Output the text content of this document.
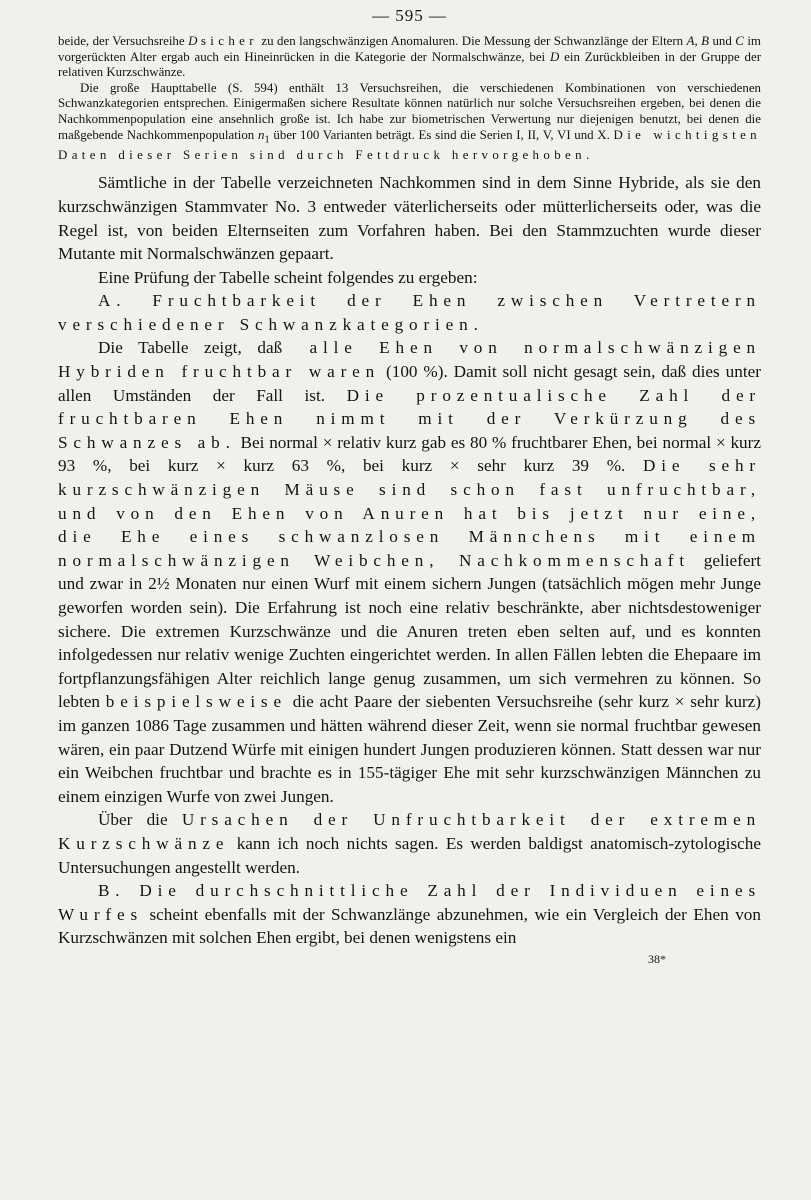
— 595 —

beide, der Versuchsreihe D sicher zu den langschwänzigen Anomaluren. Die Messung der Schwanzlänge der Eltern A, B und C im vorgerückten Alter ergab auch ein Hineinrücken in die Kategorie der Normalschwänze, bei D ein Zurückbleiben in der Gruppe der relativen Kurzschwänze.

Die große Haupttabelle (S. 594) enthält 13 Versuchsreihen, die verschiedenen Kombinationen von verschiedenen Schwanzkategorien entsprechen. Einigermaßen sichere Resultate können natürlich nur solche Versuchsreihen ergeben, bei denen die Nachkommenpopulation eine ansehnlich große ist. Ich habe zur biometrischen Verwertung nur diejenigen benutzt, bei denen die maßgebende Nachkommenpopulation $n_1$ über 100 Varianten beträgt. Es sind die Serien I, II, V, VI und X. Die wichtigsten Daten dieser Serien sind durch Fettdruck hervorgehoben.

Sämtliche in der Tabelle verzeichneten Nachkommen sind in dem Sinne Hybride, als sie den kurzschwänzigen Stammvater No. 3 entweder väterlicherseits oder mütterlicherseits oder, was die Regel ist, von beiden Elternseiten zum Vorfahren haben. Bei den Stammzuchten wurde dieser Mutante mit Normalschwänzen gepaart.

Eine Prüfung der Tabelle scheint folgendes zu ergeben:

A. Fruchtbarkeit der Ehen zwischen Vertretern verschiedener Schwanzkategorien.

Die Tabelle zeigt, daß alle Ehen von normalschwänzigen Hybriden fruchtbar waren (100 %). Damit soll nicht gesagt sein, daß dies unter allen Umständen der Fall ist. Die prozentualische Zahl der fruchtbaren Ehen nimmt mit der Verkürzung des Schwanzes ab. Bei normal × relativ kurz gab es 80 % fruchtbarer Ehen, bei normal × kurz 93 %, bei kurz × kurz 63 %, bei kurz × sehr kurz 39 %. Die sehr kurzschwänzigen Mäuse sind schon fast unfruchtbar, und von den Ehen von Anuren hat bis jetzt nur eine, die Ehe eines schwanzlosen Männchens mit einem normalschwänzigen Weibchen, Nachkommenschaft geliefert und zwar in 2½ Monaten nur einen Wurf mit einem sichern Jungen (tatsächlich mögen mehr Junge geworfen worden sein). Die Erfahrung ist noch eine relativ beschränkte, aber nichtsdestoweniger sichere. Die extremen Kurzschwänze und die Anuren treten eben selten auf, und es konnten infolgedessen nur relativ wenige Zuchten eingerichtet werden. In allen Fällen lebten die Ehepaare im fortpflanzungsfähigen Alter reichlich lange genug zusammen, um sich vermehren zu können. So lebten beispielsweise die acht Paare der siebenten Versuchsreihe (sehr kurz × sehr kurz) im ganzen 1086 Tage zusammen und hätten während dieser Zeit, wenn sie normal fruchtbar gewesen wären, ein paar Dutzend Würfe mit einigen hundert Jungen produzieren können. Statt dessen war nur ein Weibchen fruchtbar und brachte es in 155-tägiger Ehe mit sehr kurzschwänzigen Männchen zu einem einzigen Wurfe von zwei Jungen.

Über die Ursachen der Unfruchtbarkeit der extremen Kurzschwänze kann ich noch nichts sagen. Es werden baldigst anatomisch-zytologische Untersuchungen angestellt werden.

B. Die durchschnittliche Zahl der Individuen eines Wurfes scheint ebenfalls mit der Schwanzlänge abzunehmen, wie ein Vergleich der Ehen von Kurzschwänzen mit solchen Ehen ergibt, bei denen wenigstens ein

38*
